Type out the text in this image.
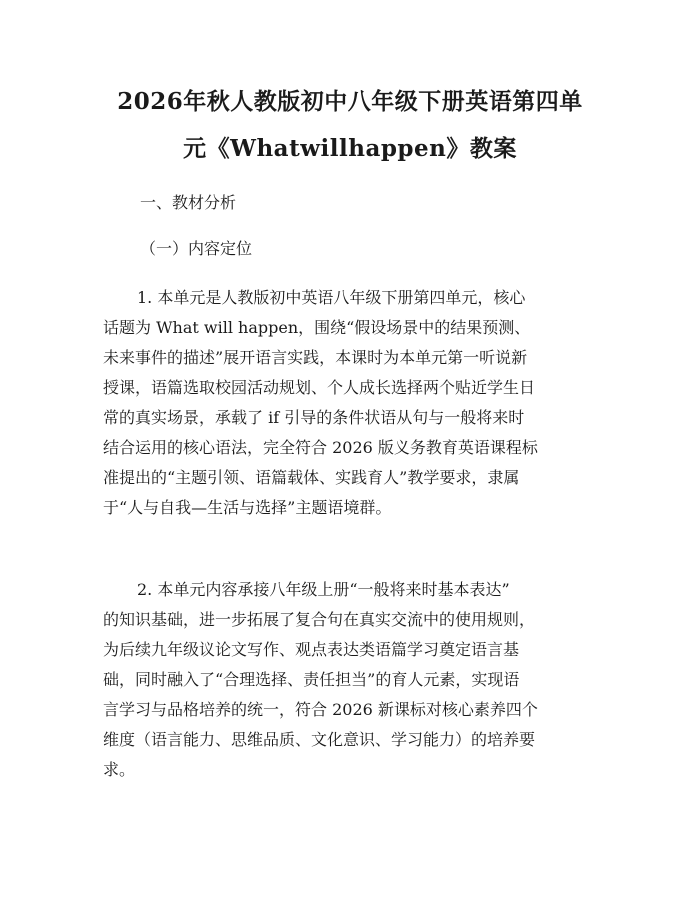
2026年秋人教版初中八年级下册英语第四单
元《Whatwillhappen》教案
一、教材分析
（一）内容定位
1. 本单元是人教版初中英语八年级下册第四单元，核心
话题为 What will happen，围绕“假设场景中的结果预测、
未来事件的描述”展开语言实践，本课时为本单元第一听说新
授课，语篇选取校园活动规划、个人成长选择两个贴近学生日
常的真实场景，承载了 if 引导的条件状语从句与一般将来时
结合运用的核心语法，完全符合 2026 版义务教育英语课程标
准提出的“主题引领、语篇载体、实践育人”教学要求，隶属
于“人与自我—生活与选择”主题语境群。
2. 本单元内容承接八年级上册“一般将来时基本表达”
的知识基础，进一步拓展了复合句在真实交流中的使用规则，
为后续九年级议论文写作、观点表达类语篇学习奠定语言基
础，同时融入了“合理选择、责任担当”的育人元素，实现语
言学习与品格培养的统一，符合 2026 新课标对核心素养四个
维度（语言能力、思维品质、文化意识、学习能力）的培养要
求。
